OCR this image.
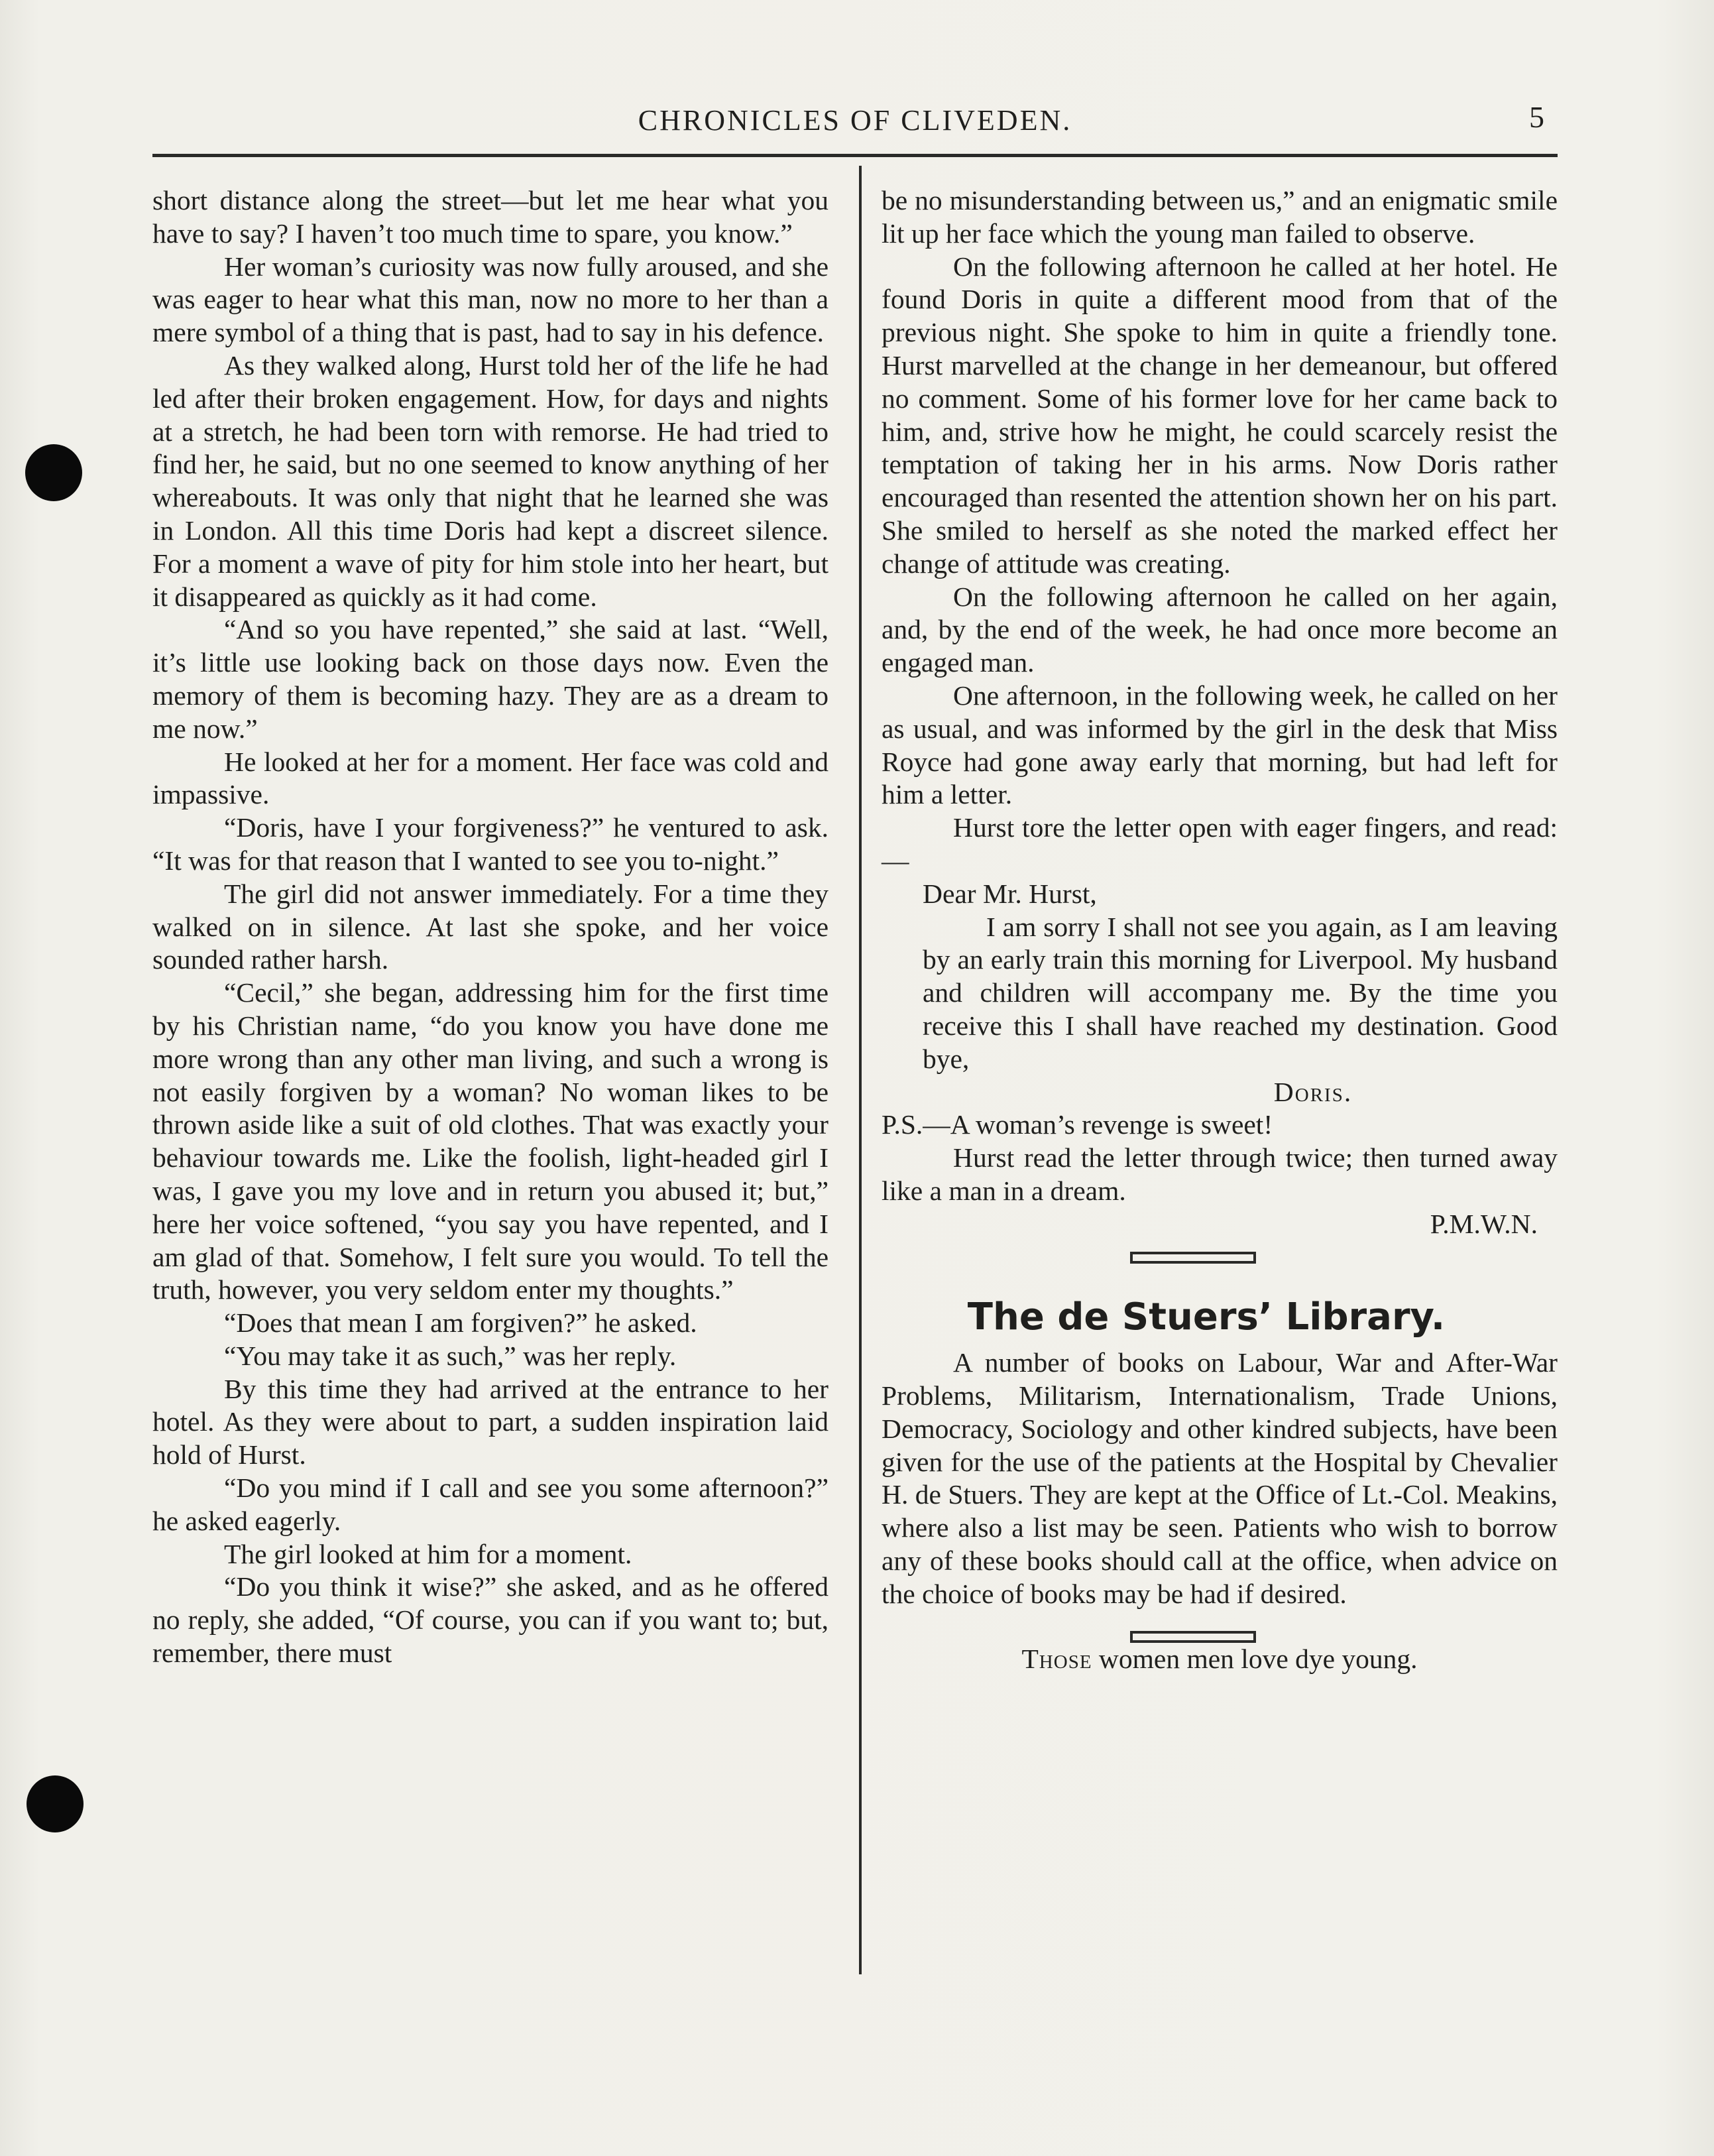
CHRONICLES OF CLIVEDEN.	5

short distance along the street—but let me hear what you have to say? I haven’t too much time to spare, you know.”

Her woman’s curiosity was now fully aroused, and she was eager to hear what this man, now no more to her than a mere symbol of a thing that is past, had to say in his defence.

As they walked along, Hurst told her of the life he had led after their broken engagement. How, for days and nights at a stretch, he had been torn with remorse. He had tried to find her, he said, but no one seemed to know anything of her whereabouts. It was only that night that he learned she was in London. All this time Doris had kept a discreet silence. For a moment a wave of pity for him stole into her heart, but it disappeared as quickly as it had come.

“And so you have repented,” she said at last. “Well, it’s little use looking back on those days now. Even the memory of them is becoming hazy. They are as a dream to me now.”

He looked at her for a moment. Her face was cold and impassive.

“Doris, have I your forgiveness?” he ventured to ask. “It was for that reason that I wanted to see you to-night.”

The girl did not answer immediately. For a time they walked on in silence. At last she spoke, and her voice sounded rather harsh.

“Cecil,” she began, addressing him for the first time by his Christian name, “do you know you have done me more wrong than any other man living, and such a wrong is not easily forgiven by a woman? No woman likes to be thrown aside like a suit of old clothes. That was exactly your behaviour towards me. Like the foolish, light-headed girl I was, I gave you my love and in return you abused it; but,” here her voice softened, “you say you have repented, and I am glad of that. Somehow, I felt sure you would. To tell the truth, however, you very seldom enter my thoughts.”

“Does that mean I am forgiven?” he asked.

“You may take it as such,” was her reply.

By this time they had arrived at the entrance to her hotel. As they were about to part, a sudden inspiration laid hold of Hurst.

“Do you mind if I call and see you some afternoon?” he asked eagerly.

The girl looked at him for a moment.

“Do you think it wise?” she asked, and as he offered no reply, she added, “Of course, you can if you want to; but, remember, there must

be no misunderstanding between us,” and an enigmatic smile lit up her face which the young man failed to observe.

On the following afternoon he called at her hotel. He found Doris in quite a different mood from that of the previous night. She spoke to him in quite a friendly tone. Hurst marvelled at the change in her demeanour, but offered no comment. Some of his former love for her came back to him, and, strive how he might, he could scarcely resist the temptation of taking her in his arms. Now Doris rather encouraged than resented the attention shown her on his part. She smiled to herself as she noted the marked effect her change of attitude was creating.

On the following afternoon he called on her again, and, by the end of the week, he had once more become an engaged man.

One afternoon, in the following week, he called on her as usual, and was informed by the girl in the desk that Miss Royce had gone away early that morning, but had left for him a letter.

Hurst tore the letter open with eager fingers, and read:—

Dear Mr. Hurst,

I am sorry I shall not see you again, as I am leaving by an early train this morning for Liverpool. My husband and children will accompany me. By the time you receive this I shall have reached my destination. Good bye,

Doris.

P.S.—A woman’s revenge is sweet!

Hurst read the letter through twice; then turned away like a man in a dream.

P.M.W.N.

The de Stuers’ Library.

A number of books on Labour, War and After-War Problems, Militarism, Internationalism, Trade Unions, Democracy, Sociology and other kindred subjects, have been given for the use of the patients at the Hospital by Chevalier H. de Stuers. They are kept at the Office of Lt.-Col. Meakins, where also a list may be seen. Patients who wish to borrow any of these books should call at the office, when advice on the choice of books may be had if desired.

Those women men love dye young.
